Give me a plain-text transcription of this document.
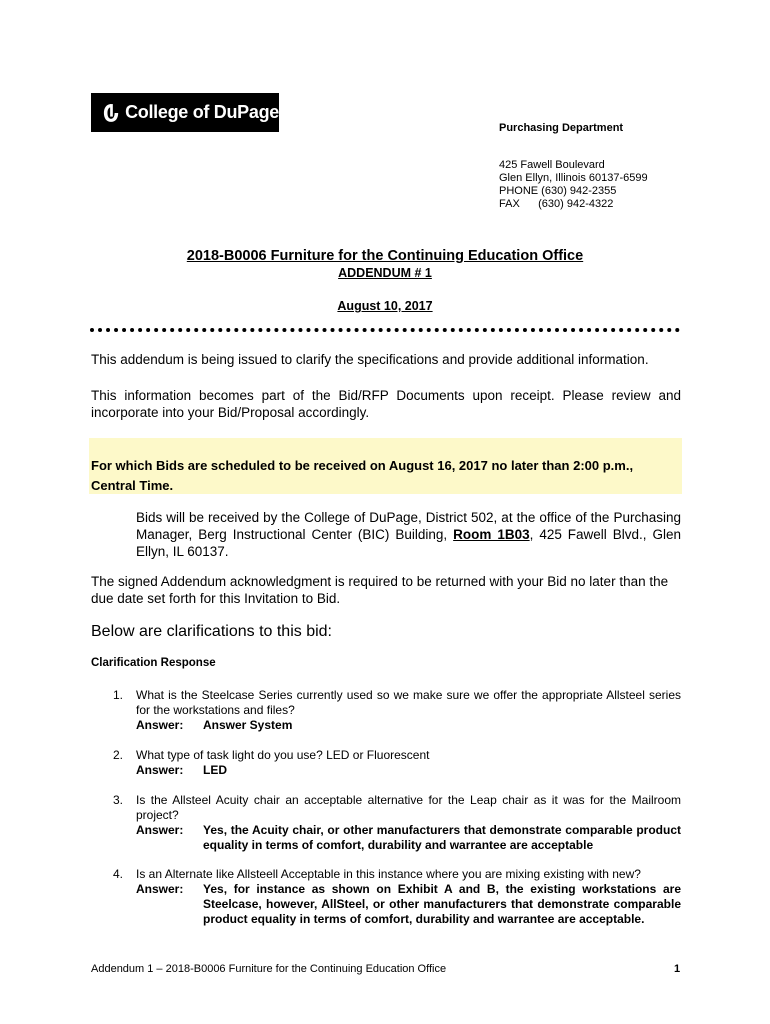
College of DuPage
Purchasing Department
425 Fawell Boulevard
Glen Ellyn, Illinois 60137-6599
PHONE (630) 942-2355
FAX      (630) 942-4322
2018-B0006 Furniture for the Continuing Education Office
ADDENDUM # 1
August 10, 2017
This addendum is being issued to clarify the specifications and provide additional information.
This information becomes part of the Bid/RFP Documents upon receipt. Please review and incorporate into your Bid/Proposal accordingly.
For which Bids are scheduled to be received on August 16, 2017 no later than 2:00 p.m., Central Time.
Bids will be received by the College of DuPage, District 502, at the office of the Purchasing Manager, Berg Instructional Center (BIC) Building, Room 1B03, 425 Fawell Blvd., Glen Ellyn, IL 60137.
The signed Addendum acknowledgment is required to be returned with your Bid no later than the due date set forth for this Invitation to Bid.
Below are clarifications to this bid:
Clarification Response
1. What is the Steelcase Series currently used so we make sure we offer the appropriate Allsteel series for the workstations and files?
Answer:	Answer System
2. What type of task light do you use? LED or Fluorescent
Answer:	LED
3. Is the Allsteel Acuity chair an acceptable alternative for the Leap chair as it was for the Mailroom project?
Answer:	Yes, the Acuity chair, or other manufacturers that demonstrate comparable product equality in terms of comfort, durability and warrantee are acceptable
4. Is an Alternate like Allsteell Acceptable in this instance where you are mixing existing with new?
Answer:	Yes, for instance as shown on Exhibit A and B, the existing workstations are Steelcase, however, AllSteel, or other manufacturers that demonstrate comparable product equality in terms of comfort, durability and warrantee are acceptable.
Addendum 1 – 2018-B0006 Furniture for the Continuing Education Office	1
